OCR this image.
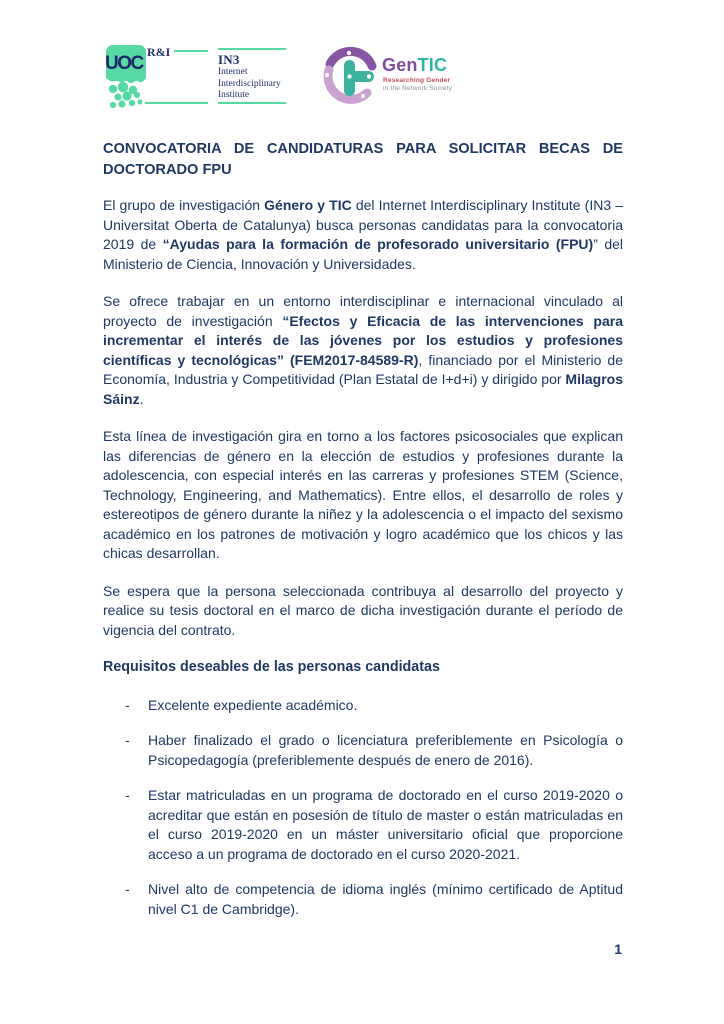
UOC
R&I	IN3
Internet
Interdisciplinary
Institute
GenTIC
Researching Gender
in the Network Society
CONVOCATORIA DE CANDIDATURAS PARA SOLICITAR BECAS DE
DOCTORADO FPU

El grupo de investigación Género y TIC del Internet Interdisciplinary Institute (IN3 – Universitat Oberta de Catalunya) busca personas candidatas para la convocatoria 2019 de “Ayudas para la formación de profesorado universitario (FPU)” del Ministerio de Ciencia, Innovación y Universidades.

Se ofrece trabajar en un entorno interdisciplinar e internacional vinculado al proyecto de investigación “Efectos y Eficacia de las intervenciones para incrementar el interés de las jóvenes por los estudios y profesiones científicas y tecnológicas” (FEM2017-84589-R), financiado por el Ministerio de Economía, Industria y Competitividad (Plan Estatal de I+d+i) y dirigido por Milagros Sáinz.

Esta línea de investigación gira en torno a los factores psicosociales que explican las diferencias de género en la elección de estudios y profesiones durante la adolescencia, con especial interés en las carreras y profesiones STEM (Science, Technology, Engineering, and Mathematics). Entre ellos, el desarrollo de roles y estereotipos de género durante la niñez y la adolescencia o el impacto del sexismo académico en los patrones de motivación y logro académico que los chicos y las chicas desarrollan.

Se espera que la persona seleccionada contribuya al desarrollo del proyecto y realice su tesis doctoral en el marco de dicha investigación durante el período de vigencia del contrato.

Requisitos deseables de las personas candidatas
-	Excelente expediente académico.
-	Haber finalizado el grado o licenciatura preferiblemente en Psicología o Psicopedagogía (preferiblemente después de enero de 2016).
-	Estar matriculadas en un programa de doctorado en el curso 2019-2020 o acreditar que están en posesión de título de master o están matriculadas en el curso 2019-2020 en un máster universitario oficial que proporcione acceso a un programa de doctorado en el curso 2020-2021.
-	Nivel alto de competencia de idioma inglés (mínimo certificado de Aptitud nivel C1 de Cambridge).
1
